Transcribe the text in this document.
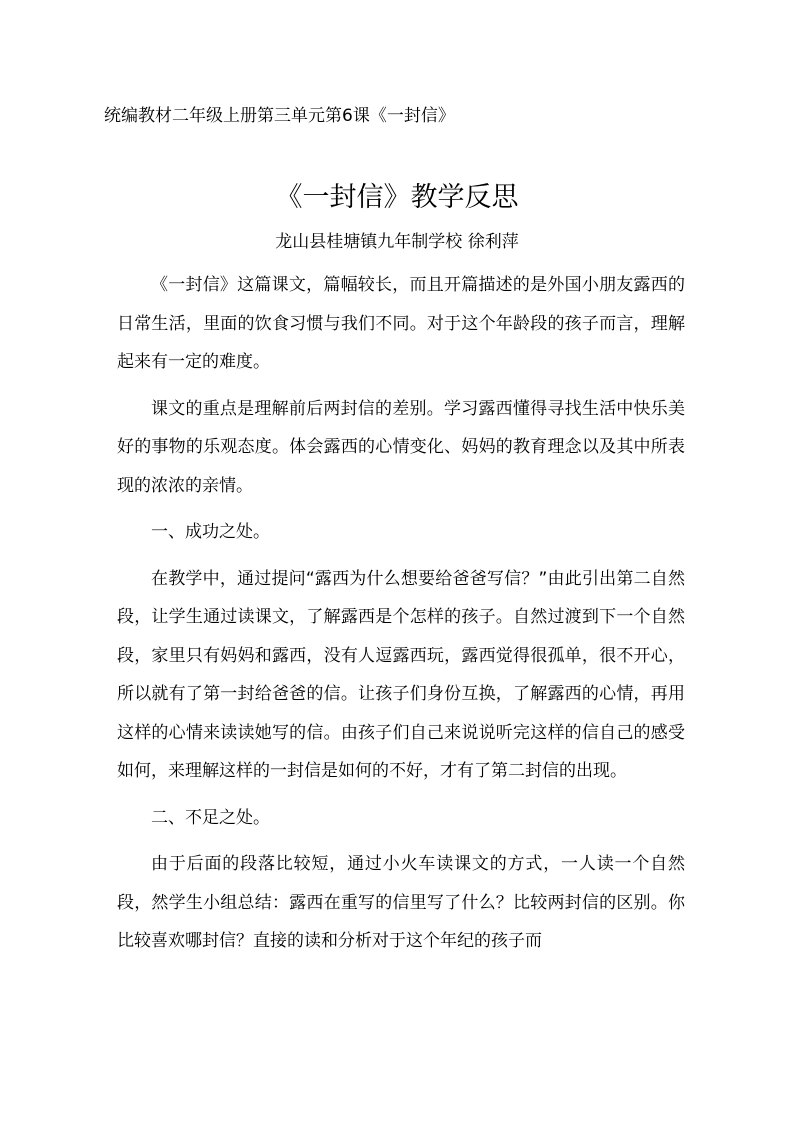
统编教材二年级上册第三单元第6课《一封信》
《一封信》教学反思
龙山县桂塘镇九年制学校 徐利萍

《一封信》这篇课文，篇幅较长，而且开篇描述的是外国小朋友露西的日常生活，里面的饮食习惯与我们不同。对于这个年龄段的孩子而言，理解起来有一定的难度。

课文的重点是理解前后两封信的差别。学习露西懂得寻找生活中快乐美好的事物的乐观态度。体会露西的心情变化、妈妈的教育理念以及其中所表现的浓浓的亲情。

一、成功之处。

在教学中，通过提问“露西为什么想要给爸爸写信？”由此引出第二自然段，让学生通过读课文，了解露西是个怎样的孩子。自然过渡到下一个自然段，家里只有妈妈和露西，没有人逗露西玩，露西觉得很孤单，很不开心，所以就有了第一封给爸爸的信。让孩子们身份互换，了解露西的心情，再用这样的心情来读读她写的信。由孩子们自己来说说听完这样的信自己的感受如何，来理解这样的一封信是如何的不好，才有了第二封信的出现。

二、不足之处。

由于后面的段落比较短，通过小火车读课文的方式，一人读一个自然段，然学生小组总结：露西在重写的信里写了什么？比较两封信的区别。你比较喜欢哪封信？直接的读和分析对于这个年纪的孩子而
